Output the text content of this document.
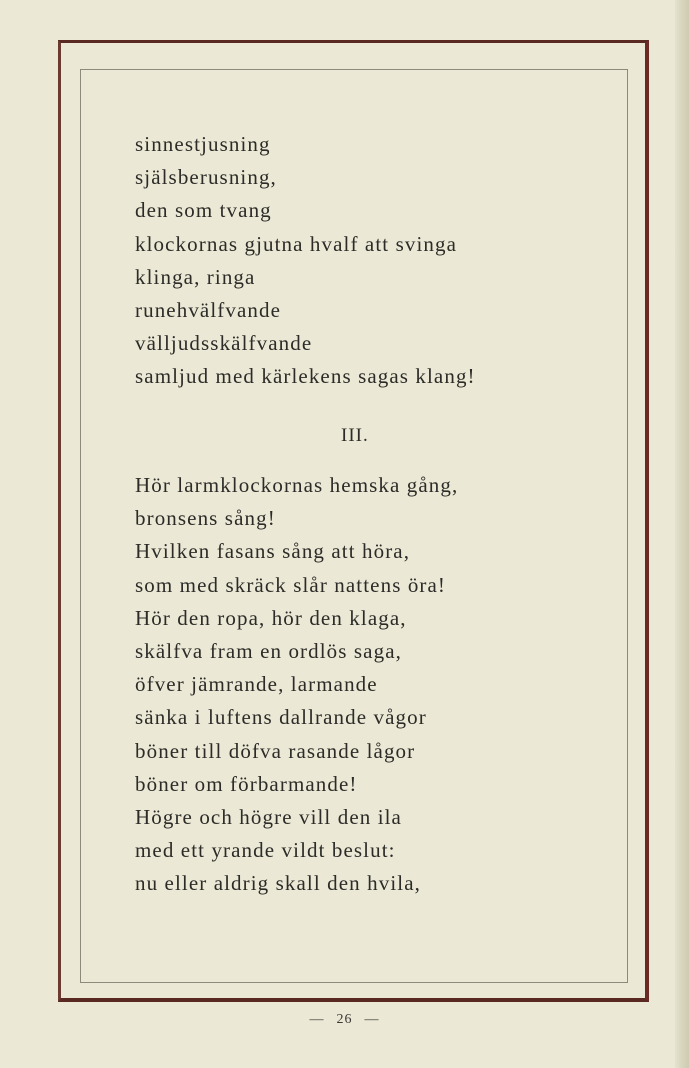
sinnestjusning
själsberusning,
den som tvang
klockornas gjutna hvalf att svinga
klinga, ringa
runehvälfvande
välljudsskälfvande
samljud med kärlekens sagas klang!
III.
Hör larmklockornas hemska gång,
bronsens sång!
Hvilken fasans sång att höra,
som med skräck slår nattens öra!
Hör den ropa, hör den klaga,
skälfva fram en ordlös saga,
öfver jämrande, larmande
sänka i luftens dallrande vågor
böner till döfva rasande lågor
böner om förbarmande!
Högre och högre vill den ila
med ett yrande vildt beslut:
nu eller aldrig skall den hvila,
— 26 —
